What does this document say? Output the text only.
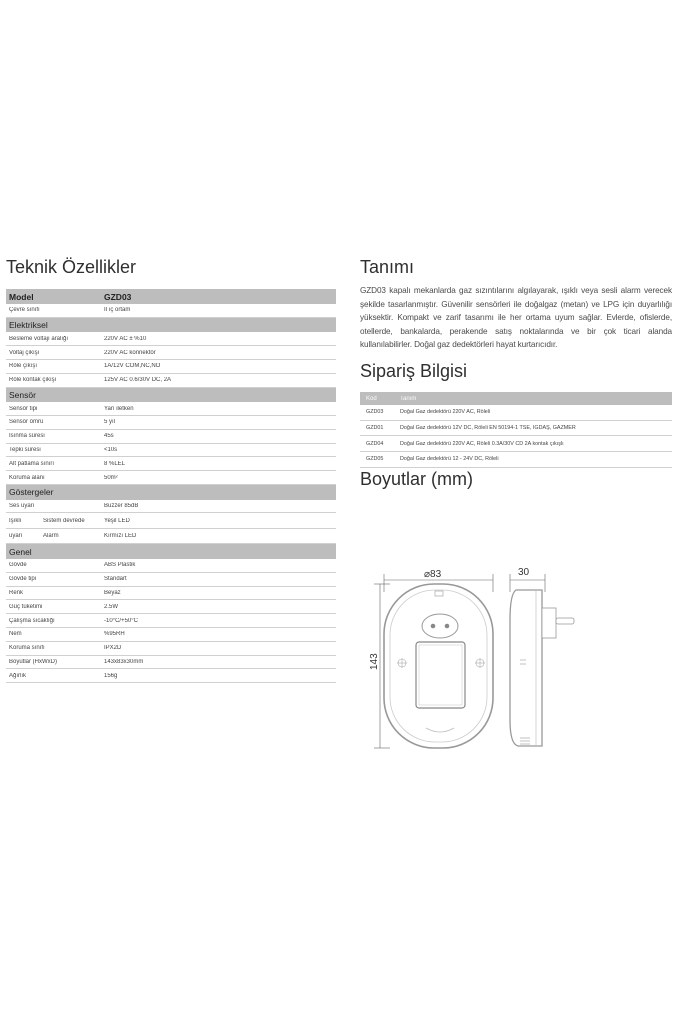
Teknik Özellikler
Model	GZD03
Çevre sınıfı	II iç ortam
Elektriksel
Besleme voltajı aralığı	220V AC ± %10
Voltaj çıkışı	220V AC konnektör
Röle çıkışı	1A/12V COM,NC,NO
Röle kontak çıkışı	125V AC 0.6/30V DC, 2A
Sensör
Sensör tipi	Yarı iletken
Sensör ömrü	5 yıl
Isınma süresi	45s
Tepki süresi	<10s
Alt patlama sınırı	8 %LEL
Koruma alanı	50m²
Göstergeler
Ses uyarı	Buzzer 85dB
Işıklı	Sistem devrede	Yeşil LED
uyarı	Alarm	Kırmızı LED
Genel
Gövde	ABS Plastik
Gövde tipi	Standart
Renk	Beyaz
Güç tüketimi	2.5W
Çalışma sıcaklığı	-10°C/+50°C
Nem	%95RH
Koruma sınıfı	IPX2D
Boyutlar (HxWxD)	143x83x30mm
Ağırlık	156g
Tanımı

GZD03 kapalı mekanlarda gaz sızıntılarını algılayarak, ışıklı veya sesli alarm verecek şekilde tasarlanmıştır. Güvenilir sensörleri ile doğalgaz (metan) ve LPG için duyarlılığı yüksektir. Kompakt ve zarif tasarımı ile her ortama uyum sağlar. Evlerde, ofislerde, otellerde, bankalarda, perakende satış noktalarında ve bir çok ticari alanda kullanılabilirler. Doğal gaz dedektörleri hayat kurtarıcıdır.

Sipariş Bilgisi
Kod	Tanım
GZD03	Doğal Gaz dedektörü 220V AC, Röleli
GZD01	Doğal Gaz dedektörü 12V DC, Röleli EN 50194-1 TSE, İGDAŞ, GAZMER
GZD04	Doğal Gaz dedektörü 220V AC, Röleli 0.3A/30V CD 2A kontak çıkışlı
GZD05	Doğal Gaz dedektörü 12 - 24V DC, Röleli
Boyutlar (mm)
⌀83	30
143
